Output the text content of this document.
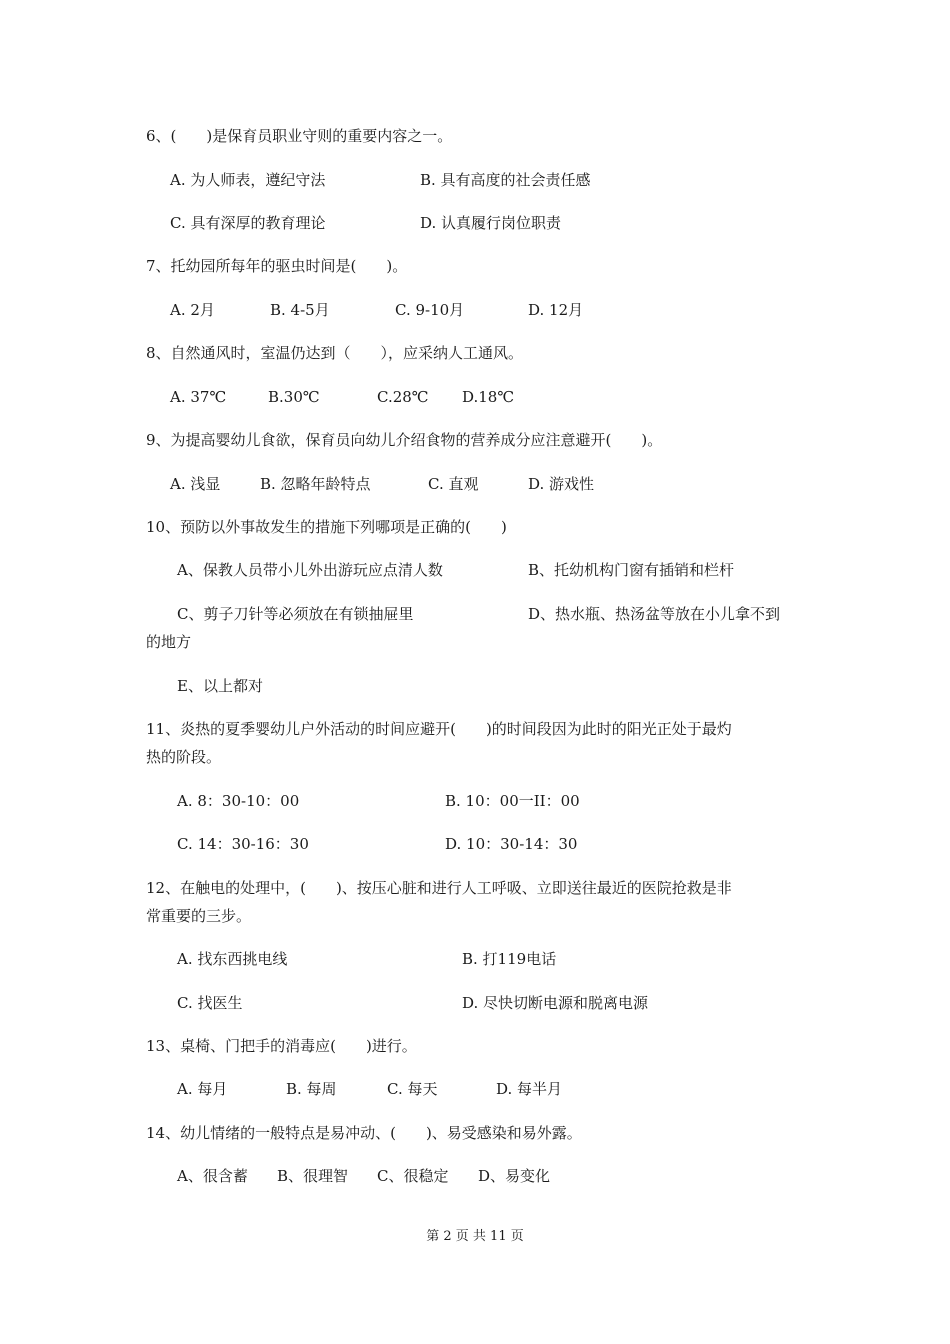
6、(　　)是保育员职业守则的重要内容之一。
A. 为人师表，遵纪守法	B. 具有高度的社会责任感
C. 具有深厚的教育理论	D. 认真履行岗位职责
7、托幼园所每年的驱虫时间是(　　)。
A. 2月	B. 4-5月	C. 9-10月	D. 12月
8、自然通风时，室温仍达到（　　），应采纳人工通风。
A. 37℃	B.30℃	C.28℃ D.18℃
9、为提高婴幼儿食欲，保育员向幼儿介绍食物的营养成分应注意避开(　　)。
A. 浅显	B. 忽略年龄特点	C. 直观	D. 游戏性
10、预防以外事故发生的措施下列哪项是正确的(　　)
A、保教人员带小儿外出游玩应点清人数	B、托幼机构门窗有插销和栏杆
C、剪子刀针等必须放在有锁抽屉里	D、热水瓶、热汤盆等放在小儿拿不到
的地方
E、以上都对
11、炎热的夏季婴幼儿户外活动的时间应避开(　　)的时间段因为此时的阳光正处于最灼
热的阶段。
A. 8：30-10：00	B. 10：00一II：00
C. 14：30-16：30	D. 10：30-14：30
12、在触电的处理中，(　　)、按压心脏和进行人工呼吸、立即送往最近的医院抢救是非
常重要的三步。
A. 找东西挑电线	B. 打119电话
C. 找医生	D. 尽快切断电源和脱离电源
13、桌椅、门把手的消毒应(　　)进行。
A. 每月	B. 每周	C. 每天	D. 每半月
14、幼儿情绪的一般特点是易冲动、(　　)、易受感染和易外露。
A、很含蓄 B、很理智 C、很稳定 D、易变化
第 2 页 共 11 页
